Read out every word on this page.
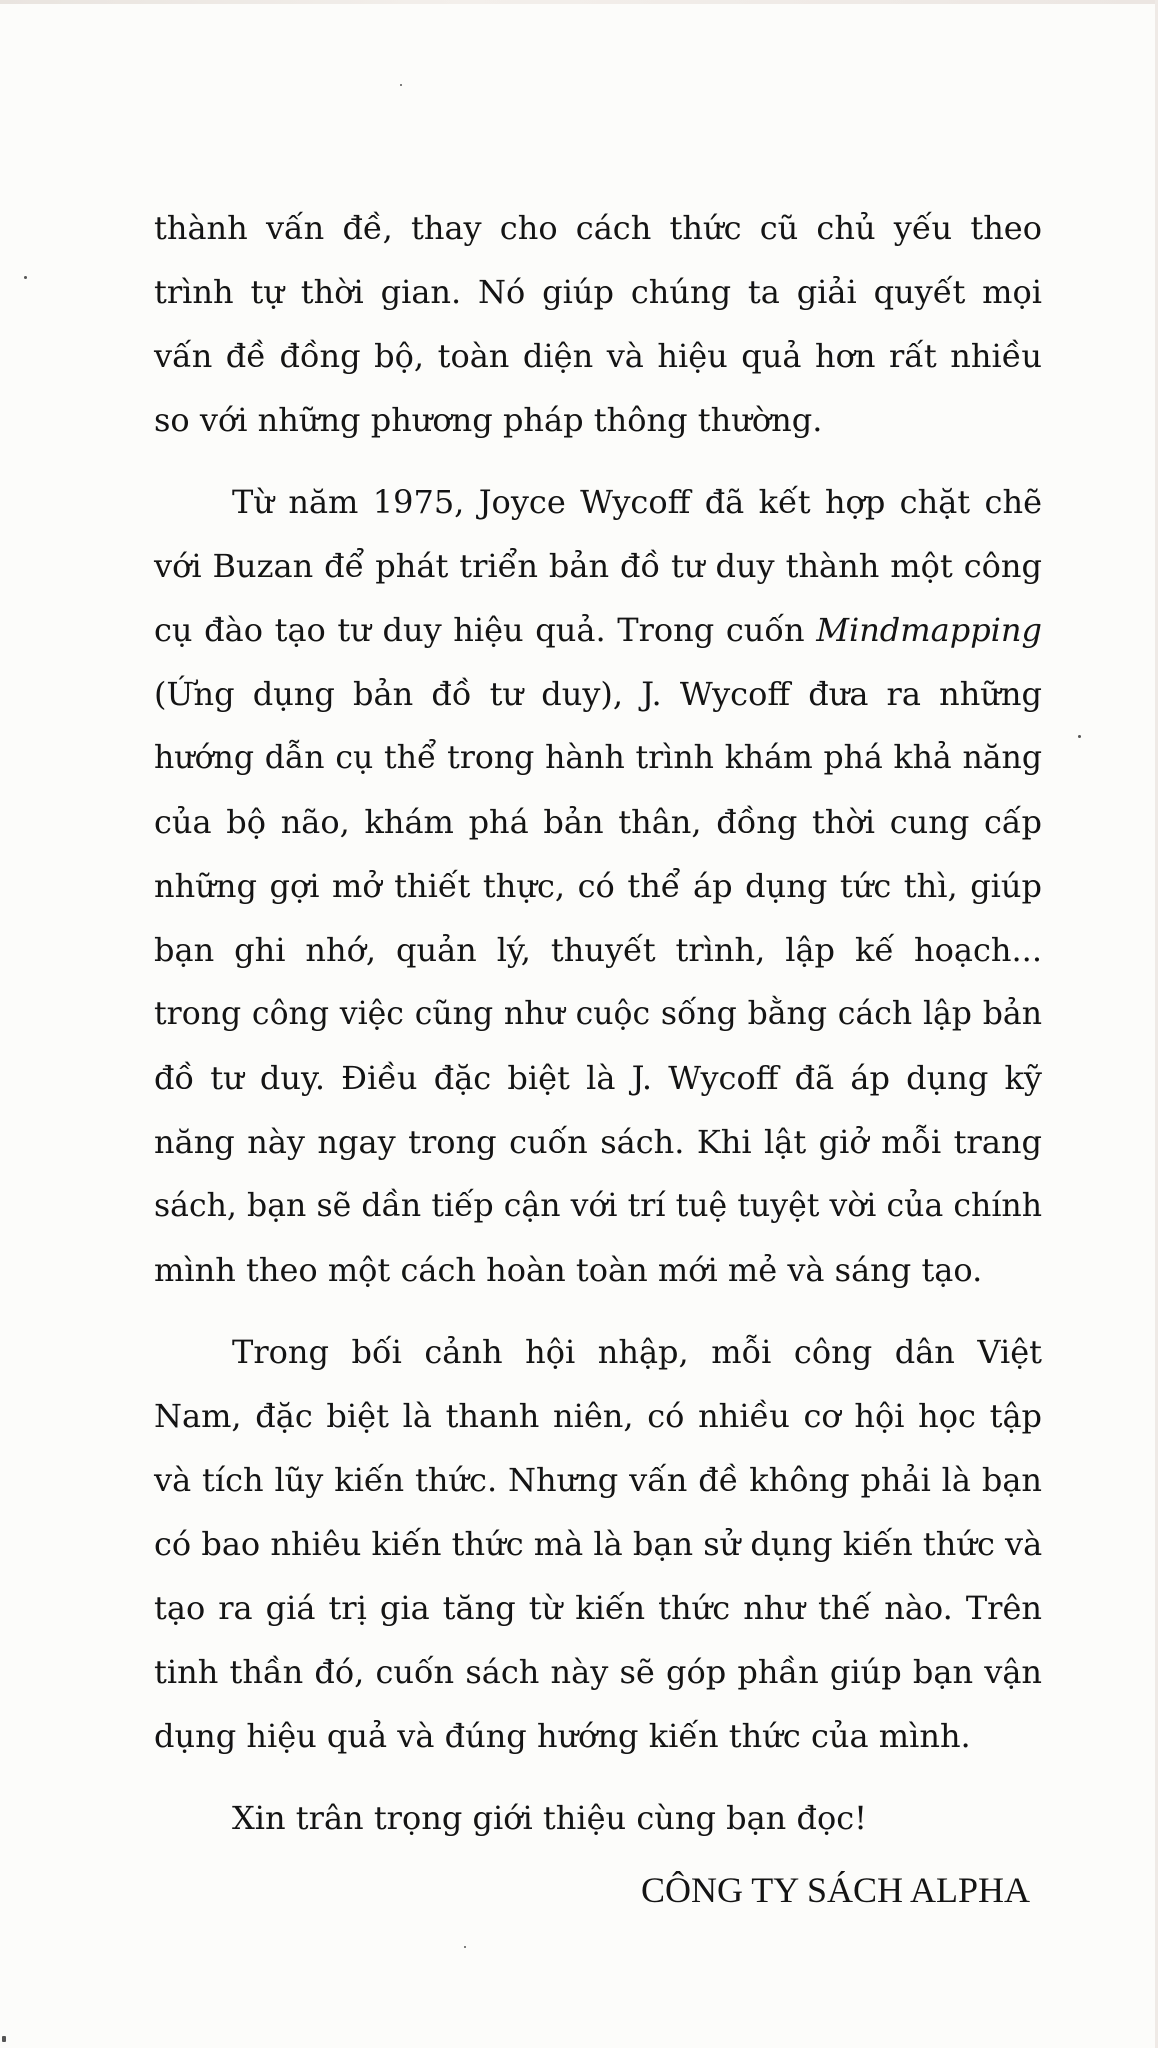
thành vấn đề, thay cho cách thức cũ chủ yếu theo
trình tự thời gian. Nó giúp chúng ta giải quyết mọi
vấn đề đồng bộ, toàn diện và hiệu quả hơn rất nhiều
so với những phương pháp thông thường.
Từ năm 1975, Joyce Wycoff đã kết hợp chặt chẽ
với Buzan để phát triển bản đồ tư duy thành một công
cụ đào tạo tư duy hiệu quả. Trong cuốn Mindmapping
(Ứng dụng bản đồ tư duy), J. Wycoff đưa ra những
hướng dẫn cụ thể trong hành trình khám phá khả năng
của bộ não, khám phá bản thân, đồng thời cung cấp
những gợi mở thiết thực, có thể áp dụng tức thì, giúp
bạn ghi nhớ, quản lý, thuyết trình, lập kế hoạch...
trong công việc cũng như cuộc sống bằng cách lập bản
đồ tư duy. Điều đặc biệt là J. Wycoff đã áp dụng kỹ
năng này ngay trong cuốn sách. Khi lật giở mỗi trang
sách, bạn sẽ dần tiếp cận với trí tuệ tuyệt vời của chính
mình theo một cách hoàn toàn mới mẻ và sáng tạo.
Trong bối cảnh hội nhập, mỗi công dân Việt
Nam, đặc biệt là thanh niên, có nhiều cơ hội học tập
và tích lũy kiến thức. Nhưng vấn đề không phải là bạn
có bao nhiêu kiến thức mà là bạn sử dụng kiến thức và
tạo ra giá trị gia tăng từ kiến thức như thế nào. Trên
tinh thần đó, cuốn sách này sẽ góp phần giúp bạn vận
dụng hiệu quả và đúng hướng kiến thức của mình.
Xin trân trọng giới thiệu cùng bạn đọc!
CÔNG TY SÁCH ALPHA
